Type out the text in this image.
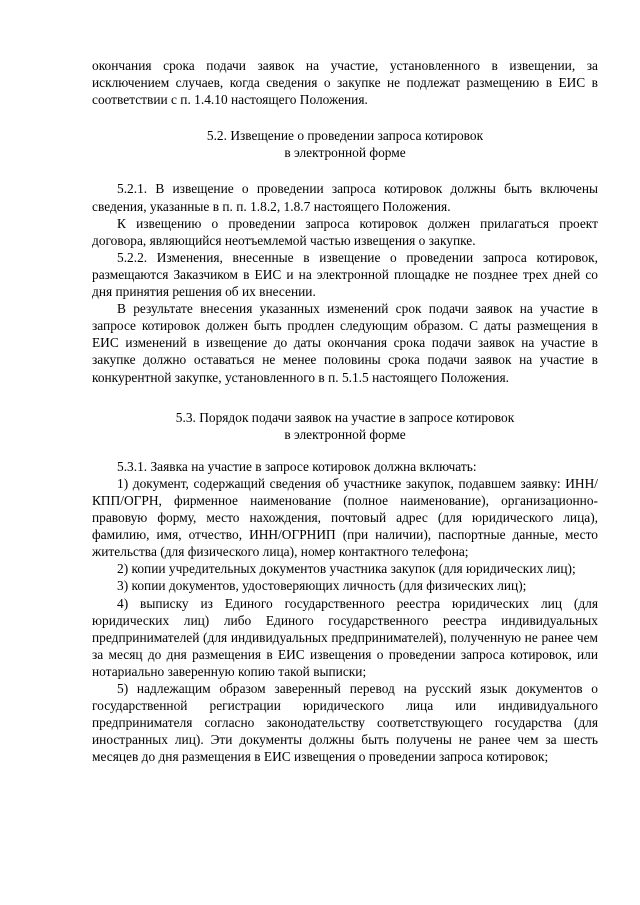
окончания срока подачи заявок на участие, установленного в извещении, за исключением случаев, когда сведения о закупке не подлежат размещению в ЕИС в соответствии с п. 1.4.10 настоящего Положения.

5.2. Извещение о проведении запроса котировок

в электронной форме

5.2.1. В извещение о проведении запроса котировок должны быть включены сведения, указанные в п. п. 1.8.2, 1.8.7 настоящего Положения.

К извещению о проведении запроса котировок должен прилагаться проект договора, являющийся неотъемлемой частью извещения о закупке.

5.2.2. Изменения, внесенные в извещение о проведении запроса котировок, размещаются Заказчиком в ЕИС и на электронной площадке не позднее трех дней со дня принятия решения об их внесении.

В результате внесения указанных изменений срок подачи заявок на участие в запросе котировок должен быть продлен следующим образом. С даты размещения в ЕИС изменений в извещение до даты окончания срока подачи заявок на участие в закупке должно оставаться не менее половины срока подачи заявок на участие в конкурентной закупке, установленного в п. 5.1.5 настоящего Положения.

5.3. Порядок подачи заявок на участие в запросе котировок

в электронной форме

5.3.1. Заявка на участие в запросе котировок должна включать:

1) документ, содержащий сведения об участнике закупок, подавшем заявку: ИНН/КПП/ОГРН, фирменное наименование (полное наименование), организационно-правовую форму, место нахождения, почтовый адрес (для юридического лица), фамилию, имя, отчество, ИНН/ОГРНИП (при наличии), паспортные данные, место жительства (для физического лица), номер контактного телефона;

2) копии учредительных документов участника закупок (для юридических лиц);

3) копии документов, удостоверяющих личность (для физических лиц);

4) выписку из Единого государственного реестра юридических лиц (для юридических лиц) либо Единого государственного реестра индивидуальных предпринимателей (для индивидуальных предпринимателей), полученную не ранее чем за месяц до дня размещения в ЕИС извещения о проведении запроса котировок, или нотариально заверенную копию такой выписки;

5) надлежащим образом заверенный перевод на русский язык документов о государственной регистрации юридического лица или индивидуального предпринимателя согласно законодательству соответствующего государства (для иностранных лиц). Эти документы должны быть получены не ранее чем за шесть месяцев до дня размещения в ЕИС извещения о проведении запроса котировок;
